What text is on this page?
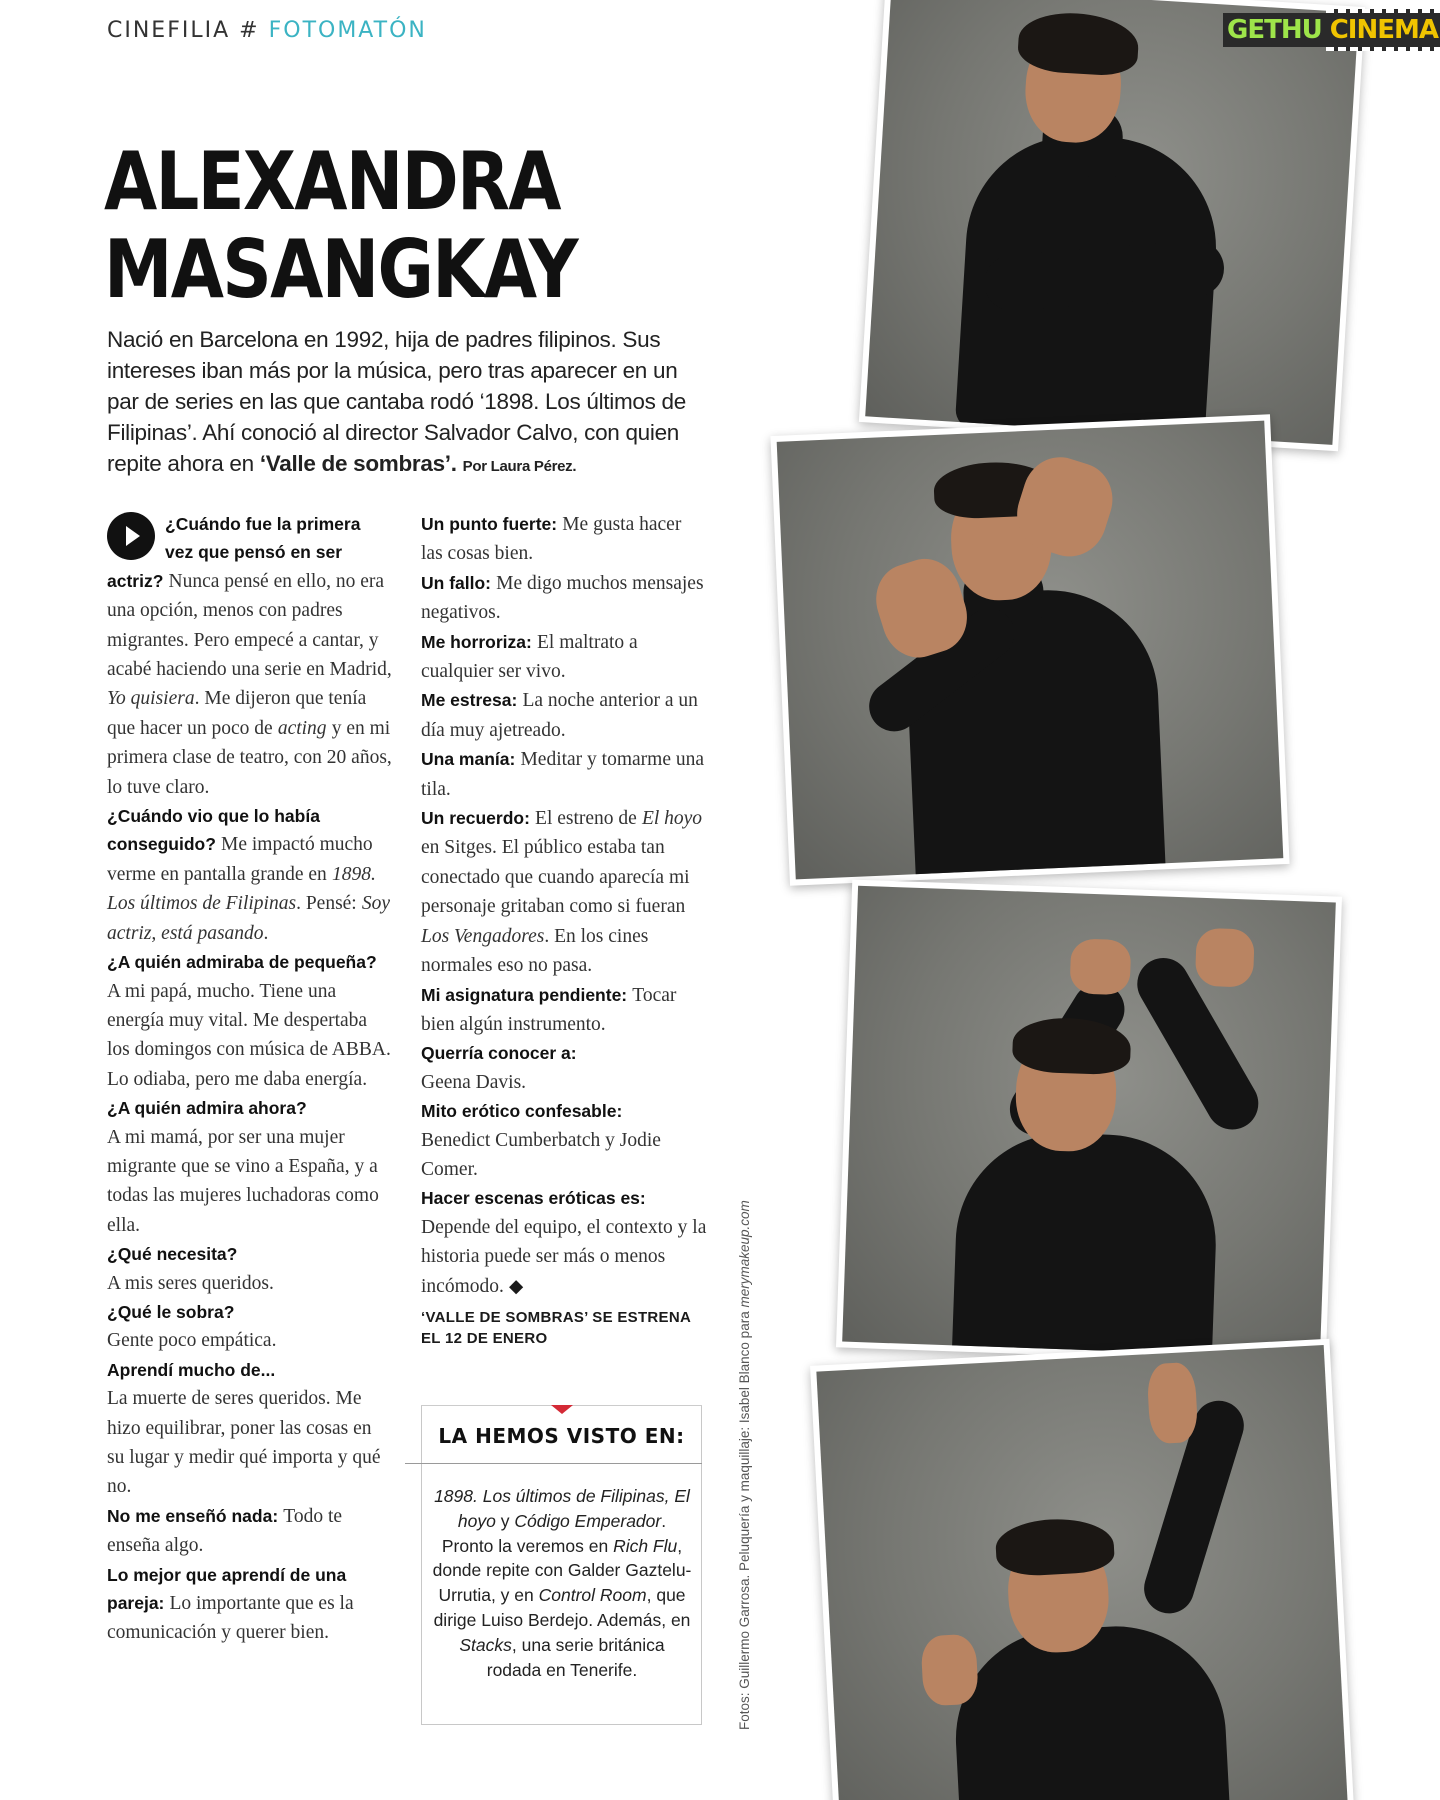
CINEFILIA # FOTOMATÓN
ALEXANDRA
MASANGKAY

Nació en Barcelona en 1992, hija de padres filipinos. Sus intereses iban más por la música, pero tras aparecer en un par de series en las que cantaba rodó ‘1898. Los últimos de Filipinas’. Ahí conoció al director Salvador Calvo, con quien repite ahora en ‘Valle de sombras’. Por Laura Pérez.

¿Cuándo fue la primera vez que pensó en ser actriz? Nunca pensé en ello, no era una opción, menos con padres migrantes. Pero empecé a cantar, y acabé haciendo una serie en Madrid, Yo quisiera. Me dijeron que tenía que hacer un poco de acting y en mi primera clase de teatro, con 20 años, lo tuve claro.
¿Cuándo vio que lo había conseguido? Me impactó mucho verme en pantalla grande en 1898. Los últimos de Filipinas. Pensé: Soy actriz, está pasando.
¿A quién admiraba de pequeña? A mi papá, mucho. Tiene una energía muy vital. Me despertaba los domingos con música de ABBA. Lo odiaba, pero me daba energía.
¿A quién admira ahora?
A mi mamá, por ser una mujer migrante que se vino a España, y a todas las mujeres luchadoras como ella.
¿Qué necesita?
A mis seres queridos.
¿Qué le sobra?
Gente poco empática.
Aprendí mucho de...
La muerte de seres queridos. Me hizo equilibrar, poner las cosas en su lugar y medir qué importa y qué no.
No me enseñó nada: Todo te enseña algo.
Lo mejor que aprendí de una pareja: Lo importante que es la comunicación y querer bien.
Un punto fuerte: Me gusta hacer las cosas bien.
Un fallo: Me digo muchos mensajes negativos.
Me horroriza: El maltrato a cualquier ser vivo.
Me estresa: La noche anterior a un día muy ajetreado.
Una manía: Meditar y tomarme una tila.
Un recuerdo: El estreno de El hoyo en Sitges. El público estaba tan conectado que cuando aparecía mi personaje gritaban como si fueran Los Vengadores. En los cines normales eso no pasa.
Mi asignatura pendiente: Tocar bien algún instrumento.
Querría conocer a:
Geena Davis.
Mito erótico confesable:
Benedict Cumberbatch y Jodie Comer.
Hacer escenas eróticas es:
Depende del equipo, el contexto y la historia puede ser más o menos incómodo. ◆
‘VALLE DE SOMBRAS’ SE ESTRENA EL 12 DE ENERO
LA HEMOS VISTO EN:

1898. Los últimos de Filipinas, El hoyo y Código Emperador. Pronto la veremos en Rich Flu, donde repite con Galder Gaztelu-Urrutia, y en Control Room, que dirige Luiso Berdejo. Además, en Stacks, una serie británica rodada en Tenerife.	Fotos: Guillermo Garrosa. Peluquería y maquillaje: Isabel Blanco para merymakeup.com
GETHU CINEMA
